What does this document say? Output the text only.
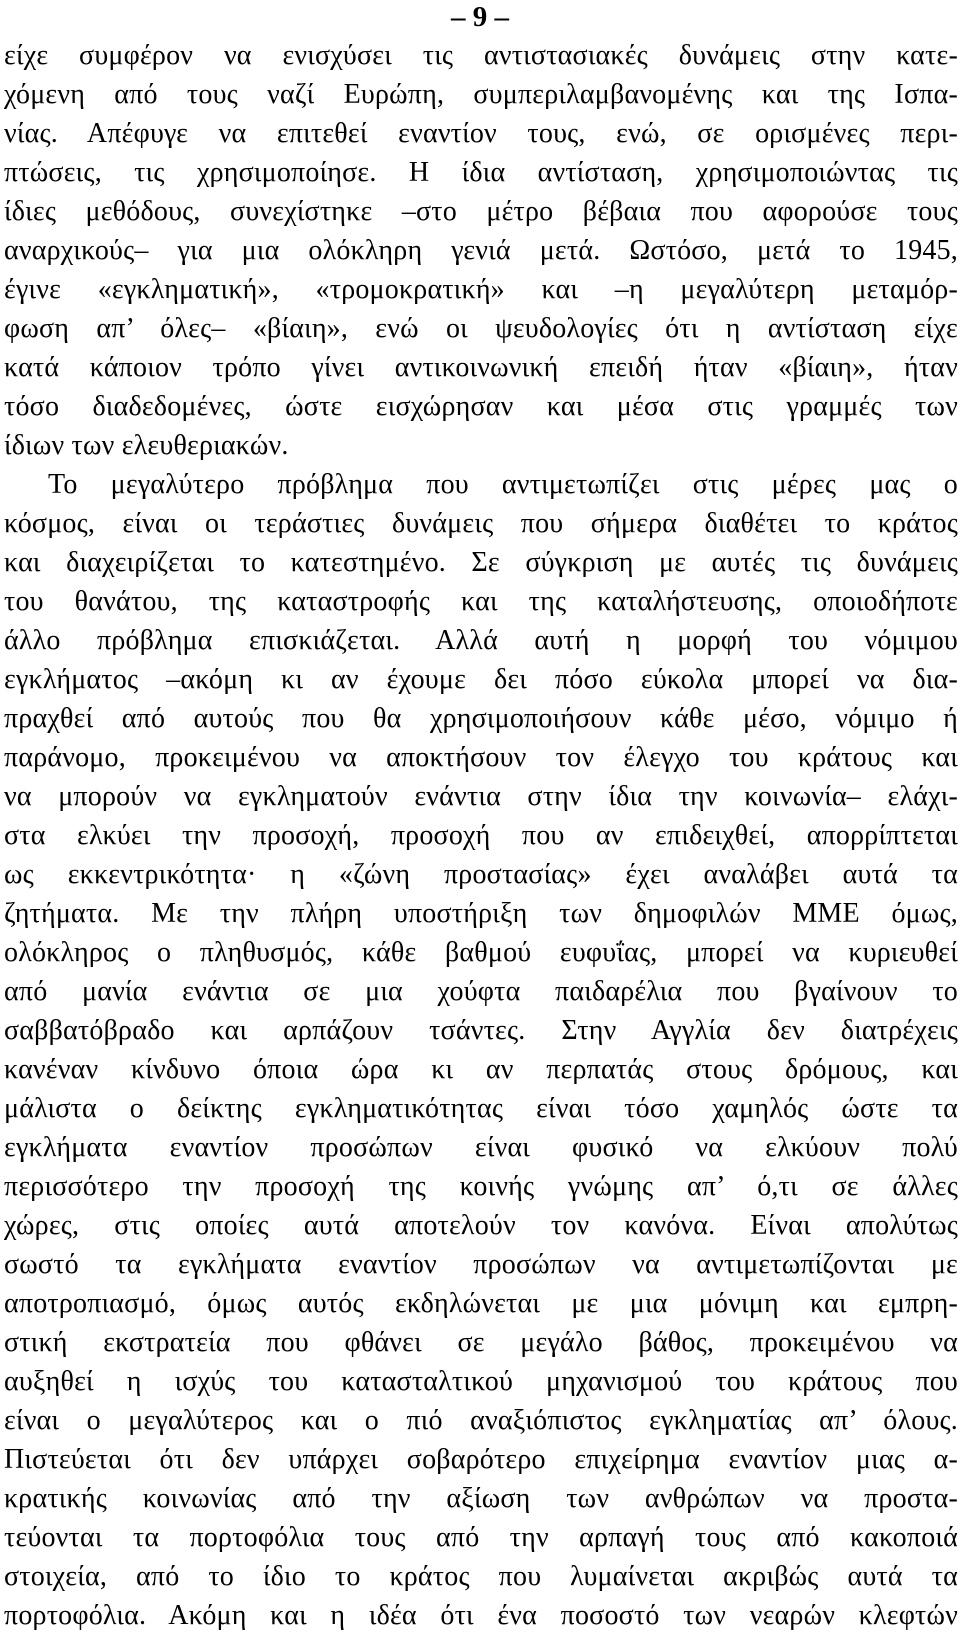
– 9 –
είχε συμφέρον να ενισχύσει τις αντιστασιακές δυνάμεις στην κατε-
χόμενη από τους ναζί Ευρώπη, συμπεριλαμβανομένης και της Ισπα-
νίας. Απέφυγε να επιτεθεί εναντίον τους, ενώ, σε ορισμένες περι-
πτώσεις, τις χρησιμοποίησε. Η ίδια αντίσταση, χρησιμοποιώντας τις
ίδιες μεθόδους, συνεχίστηκε –στο μέτρο βέβαια που αφορούσε τους
αναρχικούς– για μια ολόκληρη γενιά μετά. Ωστόσο, μετά το 1945,
έγινε «εγκληματική», «τρομοκρατική» και –η μεγαλύτερη μεταμόρ-
φωση απ’ όλες– «βίαιη», ενώ οι ψευδολογίες ότι η αντίσταση είχε
κατά κάποιον τρόπο γίνει αντικοινωνική επειδή ήταν «βίαιη», ήταν
τόσο διαδεδομένες, ώστε εισχώρησαν και μέσα στις γραμμές των
ίδιων των ελευθεριακών.
Το μεγαλύτερο πρόβλημα που αντιμετωπίζει στις μέρες μας ο
κόσμος, είναι οι τεράστιες δυνάμεις που σήμερα διαθέτει το κράτος
και διαχειρίζεται το κατεστημένο. Σε σύγκριση με αυτές τις δυνάμεις
του θανάτου, της καταστροφής και της καταλήστευσης, οποιοδήποτε
άλλο πρόβλημα επισκιάζεται. Αλλά αυτή η μορφή του νόμιμου
εγκλήματος –ακόμη κι αν έχουμε δει πόσο εύκολα μπορεί να δια-
πραχθεί από αυτούς που θα χρησιμοποιήσουν κάθε μέσο, νόμιμο ή
παράνομο, προκειμένου να αποκτήσουν τον έλεγχο του κράτους και
να μπορούν να εγκληματούν ενάντια στην ίδια την κοινωνία– ελάχι-
στα ελκύει την προσοχή, προσοχή που αν επιδειχθεί, απορρίπτεται
ως εκκεντρικότητα· η «ζώνη προστασίας» έχει αναλάβει αυτά τα
ζητήματα. Με την πλήρη υποστήριξη των δημοφιλών ΜΜΕ όμως,
ολόκληρος ο πληθυσμός, κάθε βαθμού ευφυΐας, μπορεί να κυριευθεί
από μανία ενάντια σε μια χούφτα παιδαρέλια που βγαίνουν το
σαββατόβραδο και αρπάζουν τσάντες. Στην Αγγλία δεν διατρέχεις
κανέναν κίνδυνο όποια ώρα κι αν περπατάς στους δρόμους, και
μάλιστα ο δείκτης εγκληματικότητας είναι τόσο χαμηλός ώστε τα
εγκλήματα εναντίον προσώπων είναι φυσικό να ελκύουν πολύ
περισσότερο την προσοχή της κοινής γνώμης απ’ ό,τι σε άλλες
χώρες, στις οποίες αυτά αποτελούν τον κανόνα. Είναι απολύτως
σωστό τα εγκλήματα εναντίον προσώπων να αντιμετωπίζονται με
αποτροπιασμό, όμως αυτός εκδηλώνεται με μια μόνιμη και εμπρη-
στική εκστρατεία που φθάνει σε μεγάλο βάθος, προκειμένου να
αυξηθεί η ισχύς του κατασταλτικού μηχανισμού του κράτους που
είναι ο μεγαλύτερος και ο πιό αναξιόπιστος εγκληματίας απ’ όλους.
Πιστεύεται ότι δεν υπάρχει σοβαρότερο επιχείρημα εναντίον μιας α-
κρατικής κοινωνίας από την αξίωση των ανθρώπων να προστα-
τεύονται τα πορτοφόλια τους από την αρπαγή τους από κακοποιά
στοιχεία, από το ίδιο το κράτος που λυμαίνεται ακριβώς αυτά τα
πορτοφόλια. Ακόμη και η ιδέα ότι ένα ποσοστό των νεαρών κλεφτών
